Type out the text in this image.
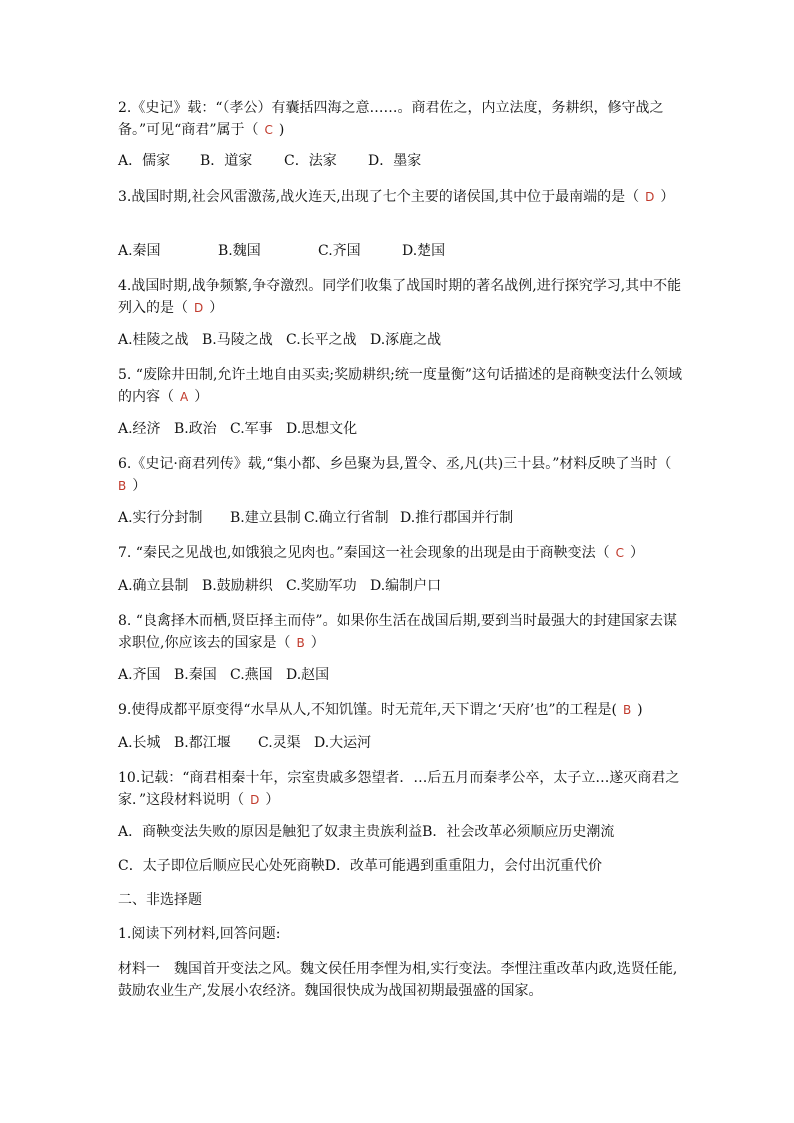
2.《史记》载：“（孝公）有囊括四海之意……。商君佐之，内立法度，务耕织，修守战之备。”可见“商君”属于（ C )
A．儒家 B．道家 C．法家 D．墨家
3.战国时期,社会风雷激荡,战火连天,出现了七个主要的诸侯国,其中位于最南端的是（ D ）
A.秦国	B.魏国	C.齐国	D.楚国
4.战国时期,战争频繁,争夺激烈。同学们收集了战国时期的著名战例,进行探究学习,其中不能列入的是（ D ）
A.桂陵之战 B.马陵之战 C.长平之战 D.涿鹿之战
5. “废除井田制,允许土地自由买卖;奖励耕织;统一度量衡”这句话描述的是商鞅变法什么领域的内容（ A ）
A.经济 B.政治 C.军事 D.思想文化
6.《史记·商君列传》载,“集小都、乡邑聚为县,置令、丞,凡(共)三十县。”材料反映了当时（ B ）
A.实行分封制 B.建立县制 C.确立行省制 D.推行郡国并行制
7. “秦民之见战也,如饿狼之见肉也。”秦国这一社会现象的出现是由于商鞅变法（ C ）
A.确立县制 B.鼓励耕织 C.奖励军功 D.编制户口
8. “良禽择木而栖,贤臣择主而侍”。如果你生活在战国后期,要到当时最强大的封建国家去谋求职位,你应该去的国家是（ B ）
A.齐国 B.秦国 C.燕国 D.赵国
9.使得成都平原变得“水旱从人,不知饥馑。时无荒年,天下谓之‘天府’也”的工程是( B )
A.长城 B.都江堰 C.灵渠 D.大运河
10.记载：“商君相秦十年，宗室贵戚多怨望者．…后五月而秦孝公卒，太子立…遂灭商君之家．”这段材料说明（ D ）
A．商鞅变法失败的原因是触犯了奴隶主贵族利益B．社会改革必须顺应历史潮流
C．太子即位后顺应民心处死商鞅D．改革可能遇到重重阻力，会付出沉重代价
二、非选择题
1.阅读下列材料,回答问题:
材料一　魏国首开变法之风。魏文侯任用李悝为相,实行变法。李悝注重改革内政,选贤任能,鼓励农业生产,发展小农经济。魏国很快成为战国初期最强盛的国家。
